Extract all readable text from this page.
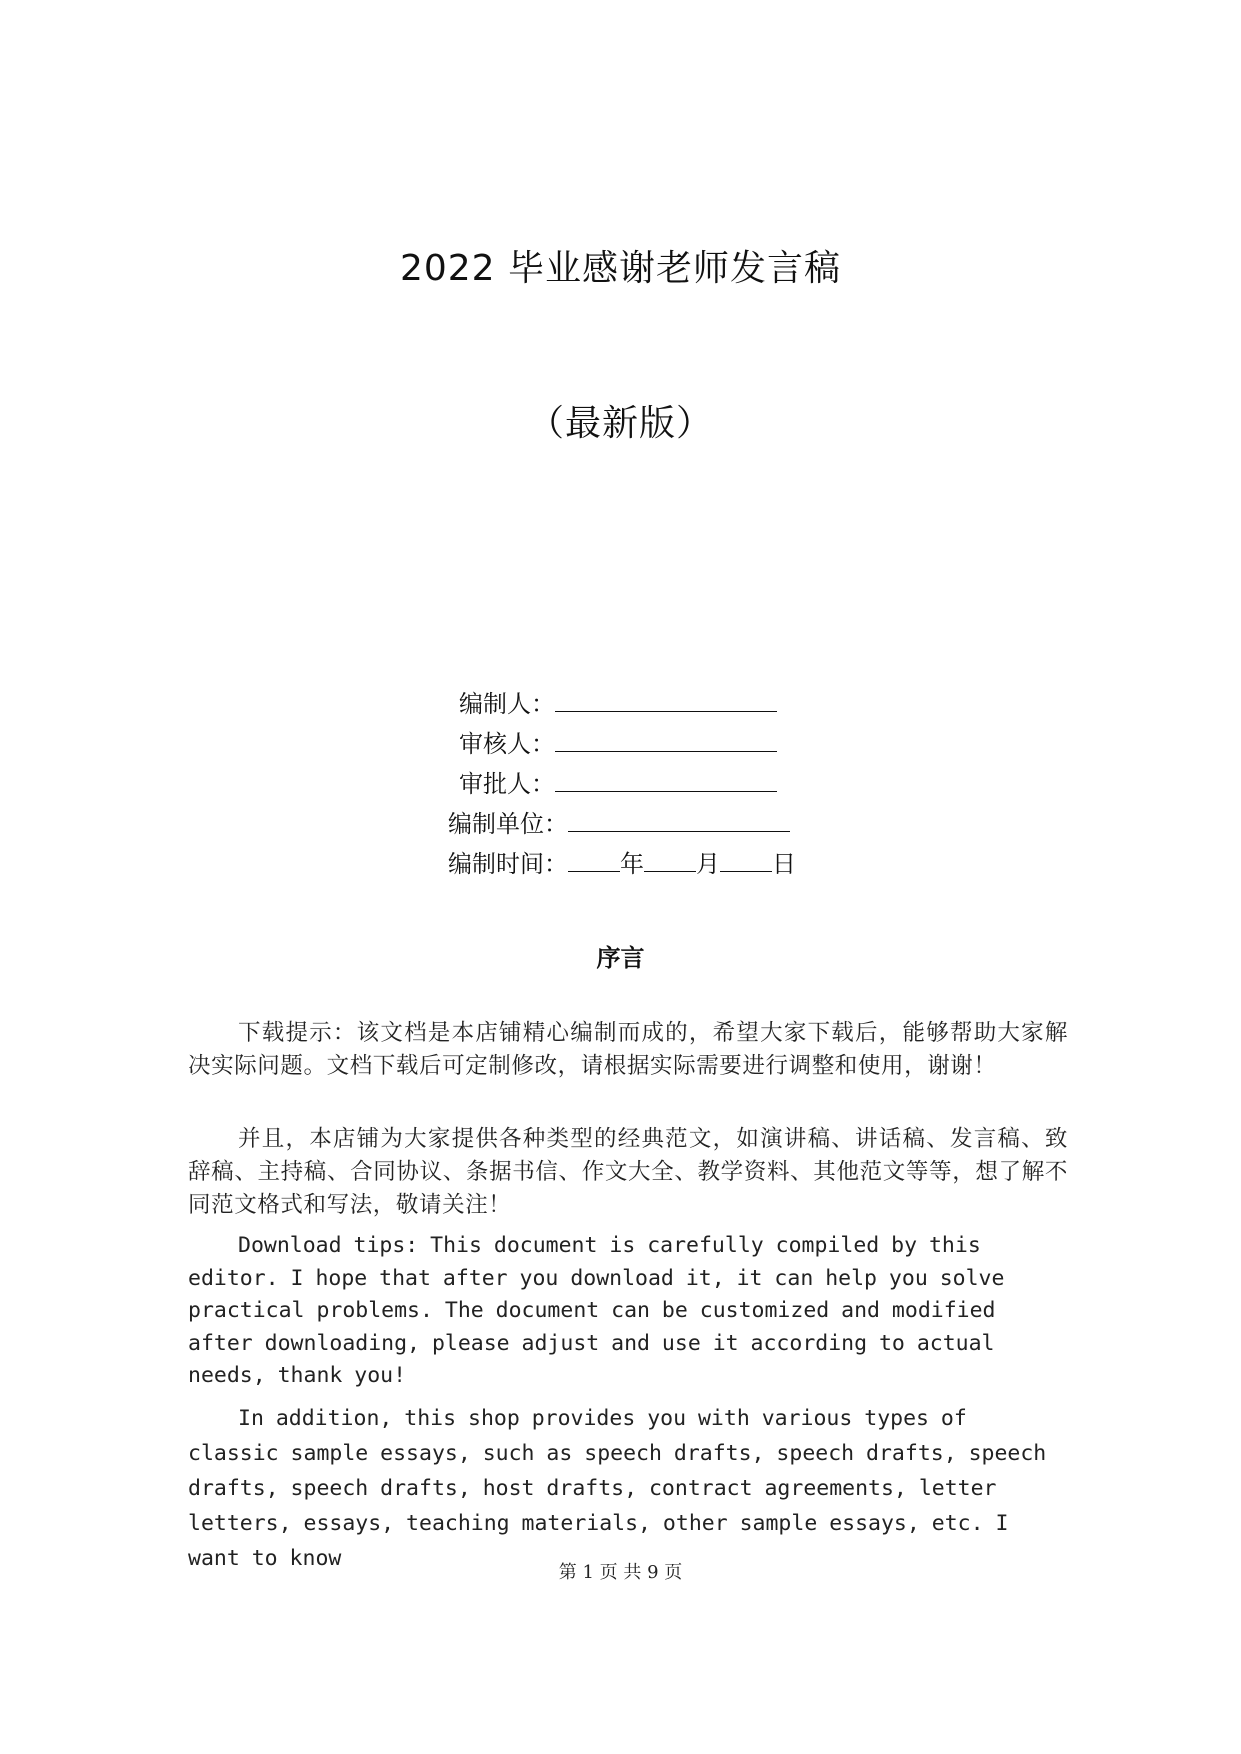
2022 毕业感谢老师发言稿
（最新版）
编制人：
审核人：
审批人：
编制单位：
编制时间： 年 月 日
序言

下载提示：该文档是本店铺精心编制而成的，希望大家下载后，能够帮助大家解决实际问题。文档下载后可定制修改，请根据实际需要进行调整和使用，谢谢！

并且，本店铺为大家提供各种类型的经典范文，如演讲稿、讲话稿、发言稿、致辞稿、主持稿、合同协议、条据书信、作文大全、教学资料、其他范文等等，想了解不同范文格式和写法，敬请关注！

Download tips: This document is carefully compiled by this editor. I hope that after you download it, it can help you solve practical problems. The document can be customized and modified after downloading, please adjust and use it according to actual needs, thank you!

In addition, this shop provides you with various types of classic sample essays, such as speech drafts, speech drafts, speech drafts, speech drafts, host drafts, contract agreements, letter letters, essays, teaching materials, other sample essays, etc. I want to know

第 1 页 共 9 页
